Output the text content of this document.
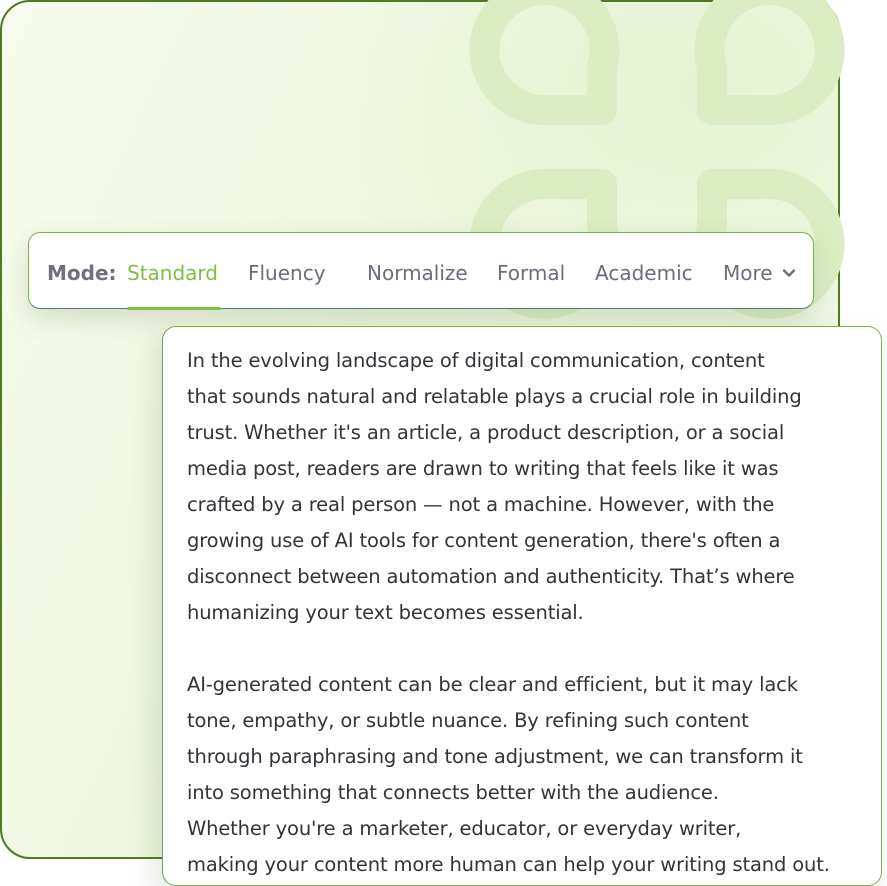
Mode: Standard Fluency Normalize Formal Academic More
In the evolving landscape of digital communication, content
that sounds natural and relatable plays a crucial role in building
trust. Whether it's an article, a product description, or a social
media post, readers are drawn to writing that feels like it was
crafted by a real person — not a machine. However, with the
growing use of AI tools for content generation, there's often a
disconnect between automation and authenticity. That’s where
humanizing your text becomes essential.
AI-generated content can be clear and efficient, but it may lack
tone, empathy, or subtle nuance. By refining such content
through paraphrasing and tone adjustment, we can transform it
into something that connects better with the audience.
Whether you're a marketer, educator, or everyday writer,
making your content more human can help your writing stand out.
